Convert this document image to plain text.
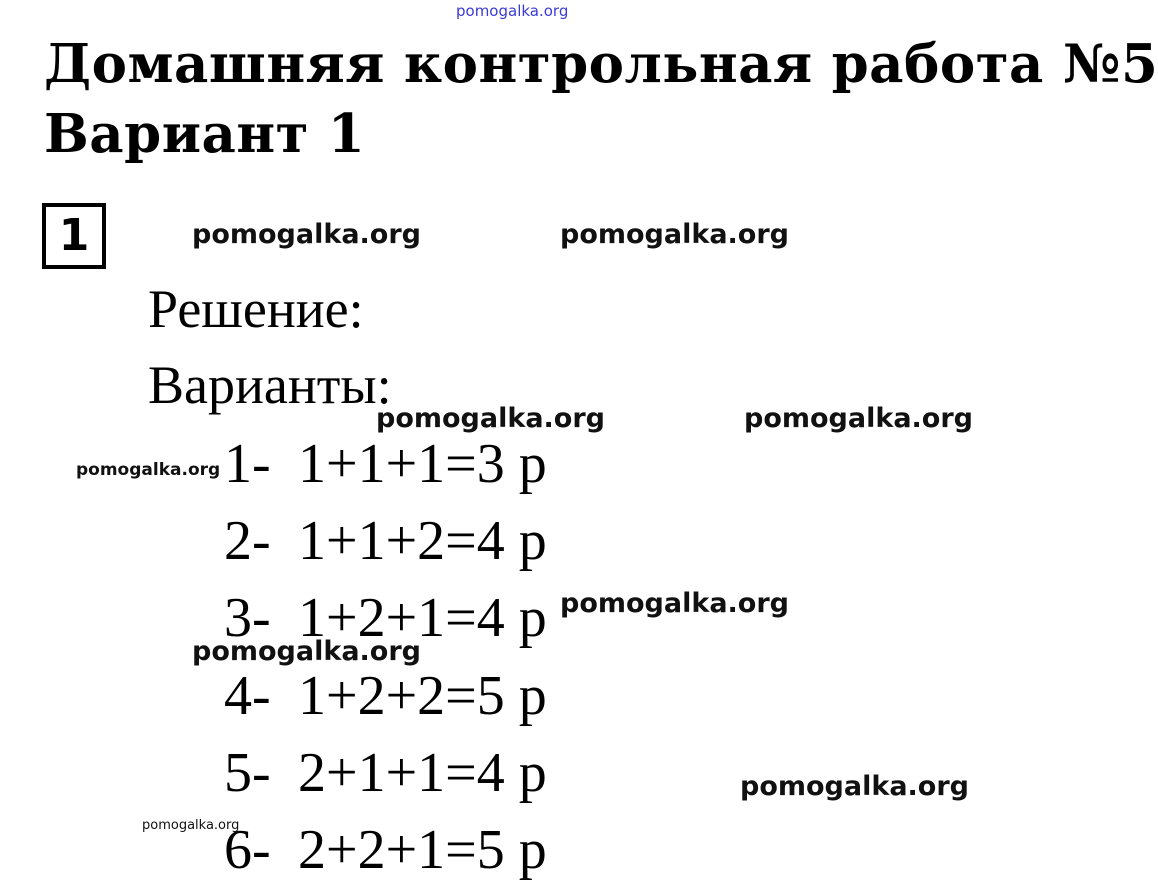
pomogalka.org
pomogalka.org	pomogalka.org
pomogalka.org	pomogalka.org
pomogalka.org
pomogalka.org
pomogalka.org
pomogalka.org
pomogalka.org
Домашняя контрольная работа №5
Вариант 1
1
Решение:
Варианты:
1- 1+1+1=3 р
2- 1+1+2=4 р
3- 1+2+1=4 р
4- 1+2+2=5 р
5- 2+1+1=4 р
6- 2+2+1=5 р
